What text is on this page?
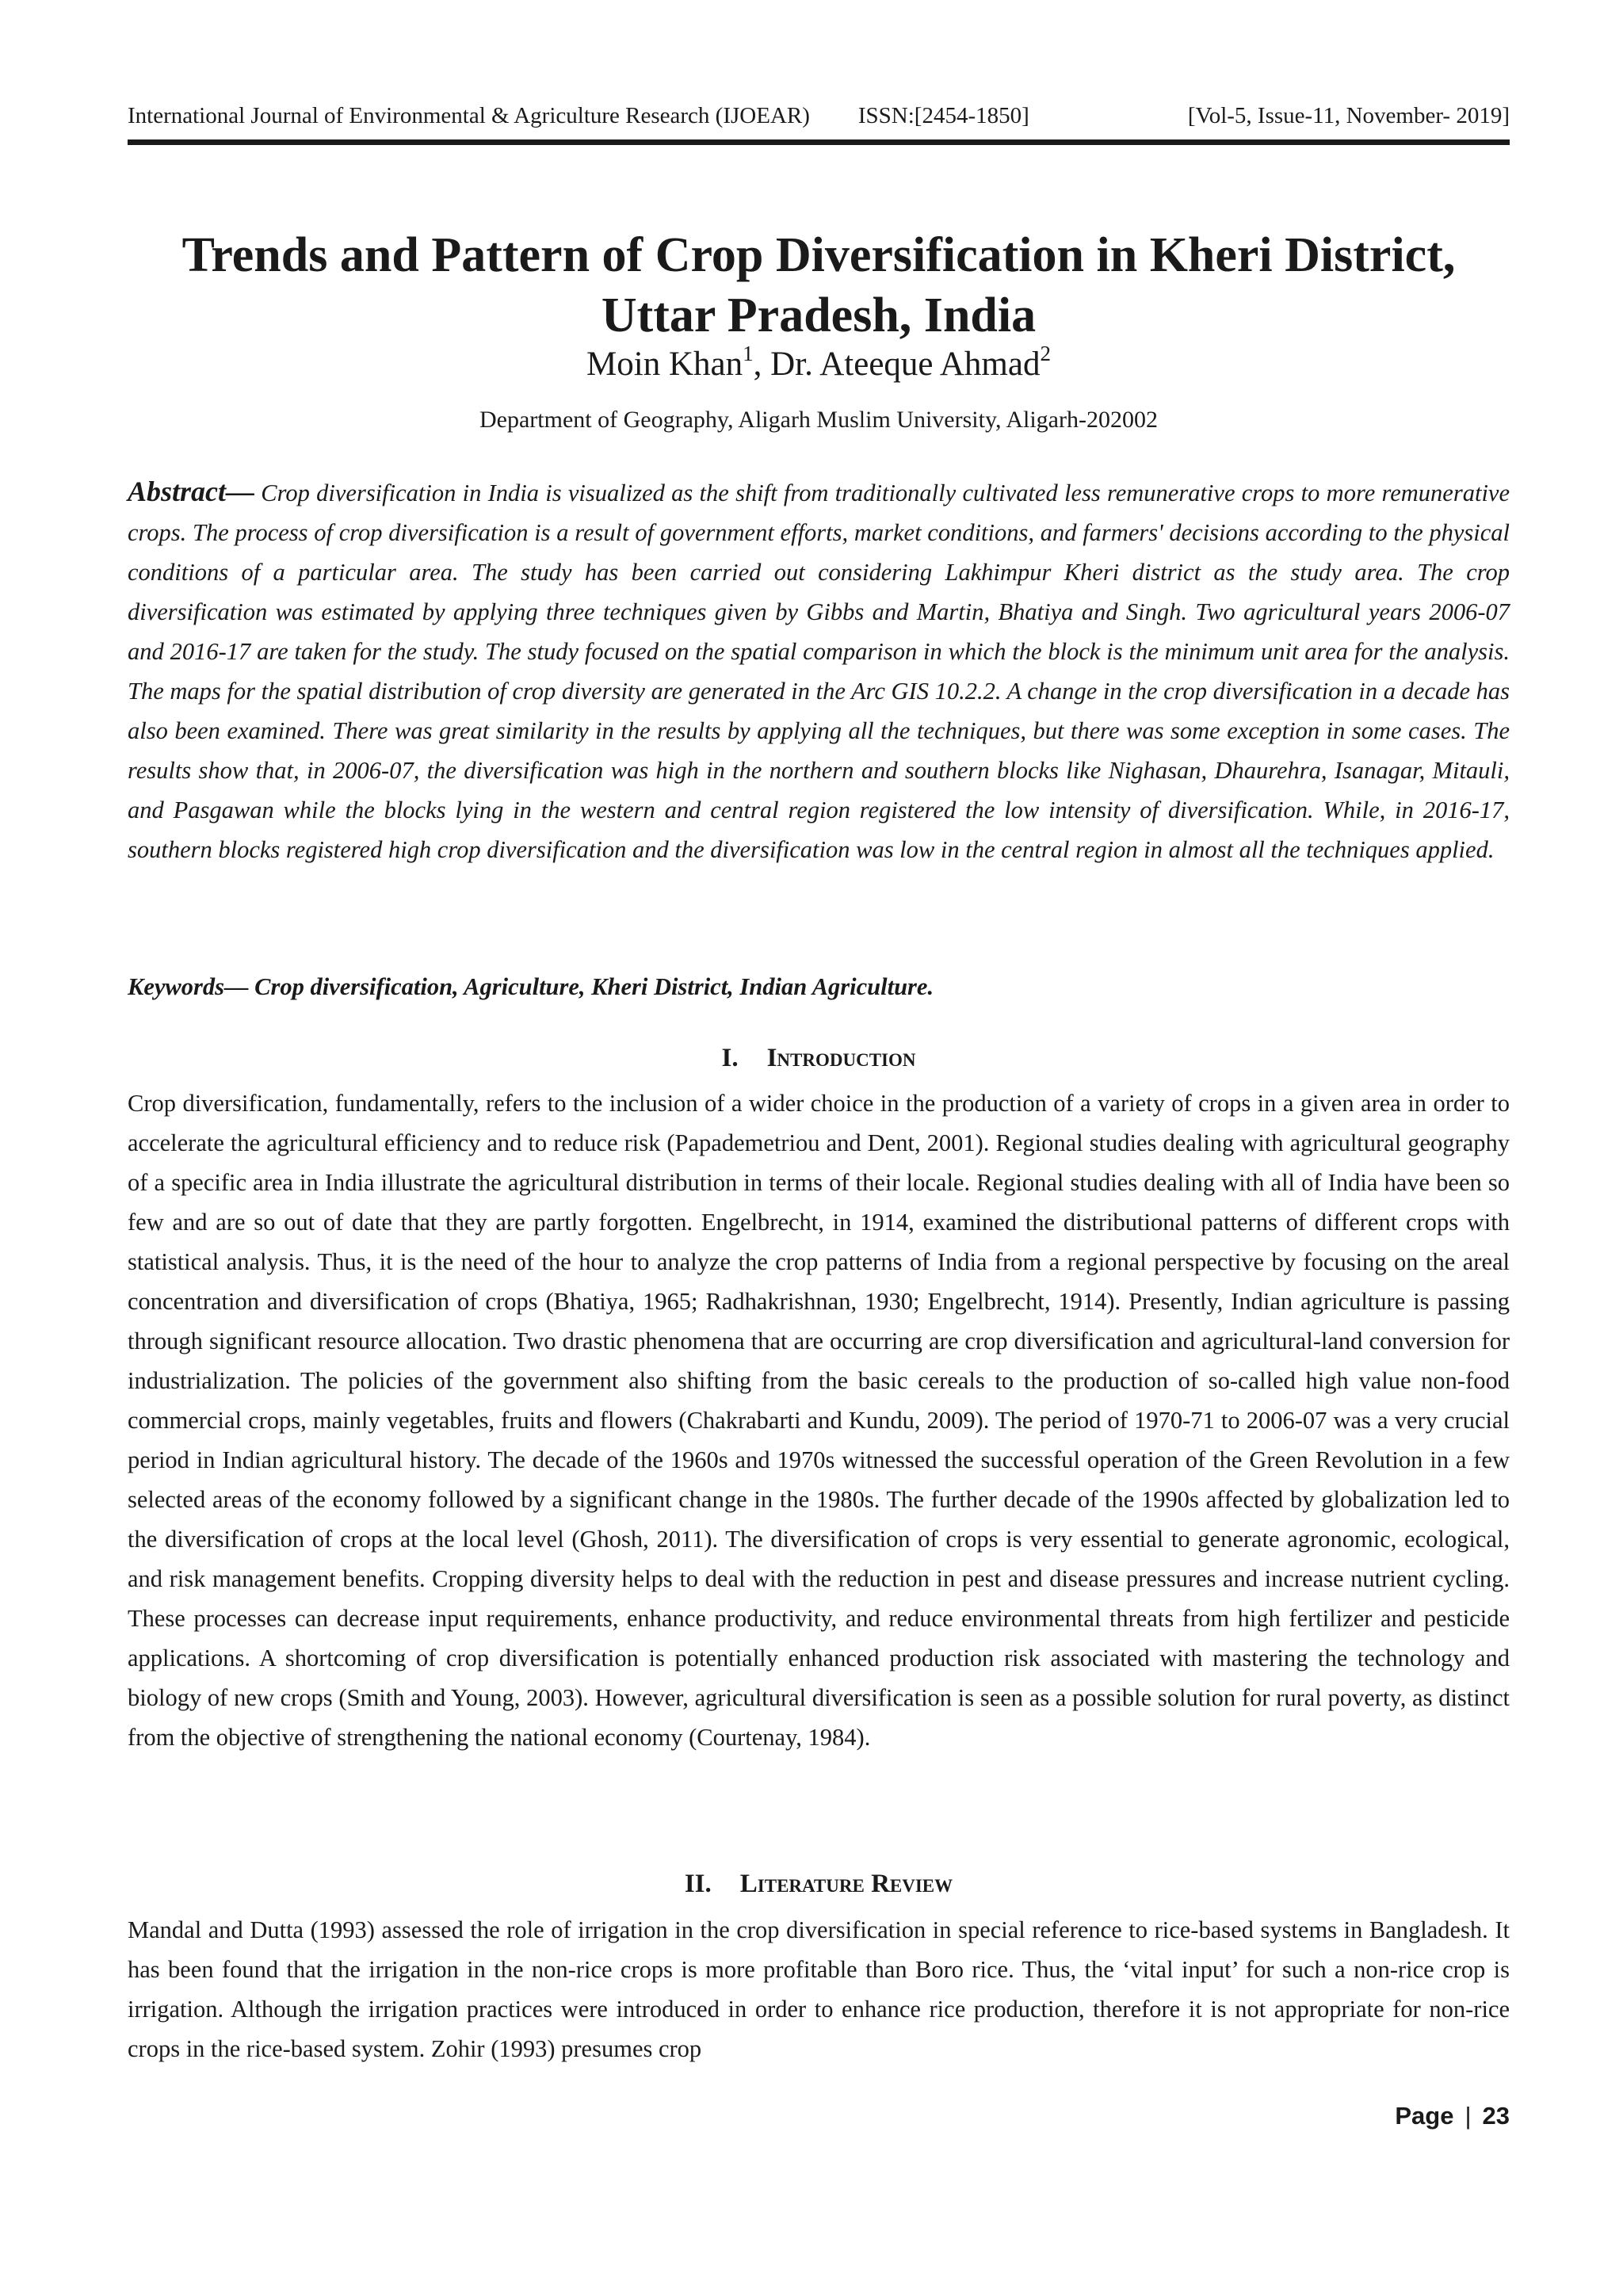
International Journal of Environmental & Agriculture Research (IJOEAR) ISSN:[2454-1850]	[Vol-5, Issue-11, November- 2019]
Trends and Pattern of Crop Diversification in Kheri District, Uttar Pradesh, India
Moin Khan$^1$, Dr. Ateeque Ahmad$^2$
Department of Geography, Aligarh Muslim University, Aligarh-202002

Abstract— Crop diversification in India is visualized as the shift from traditionally cultivated less remunerative crops to more remunerative crops. The process of crop diversification is a result of government efforts, market conditions, and farmers' decisions according to the physical conditions of a particular area. The study has been carried out considering Lakhimpur Kheri district as the study area. The crop diversification was estimated by applying three techniques given by Gibbs and Martin, Bhatiya and Singh. Two agricultural years 2006-07 and 2016-17 are taken for the study. The study focused on the spatial comparison in which the block is the minimum unit area for the analysis. The maps for the spatial distribution of crop diversity are generated in the Arc GIS 10.2.2. A change in the crop diversification in a decade has also been examined. There was great similarity in the results by applying all the techniques, but there was some exception in some cases. The results show that, in 2006-07, the diversification was high in the northern and southern blocks like Nighasan, Dhaurehra, Isanagar, Mitauli, and Pasgawan while the blocks lying in the western and central region registered the low intensity of diversification. While, in 2016-17, southern blocks registered high crop diversification and the diversification was low in the central region in almost all the techniques applied.

Keywords— Crop diversification, Agriculture, Kheri District, Indian Agriculture.

I. Introduction

Crop diversification, fundamentally, refers to the inclusion of a wider choice in the production of a variety of crops in a given area in order to accelerate the agricultural efficiency and to reduce risk (Papademetriou and Dent, 2001). Regional studies dealing with agricultural geography of a specific area in India illustrate the agricultural distribution in terms of their locale. Regional studies dealing with all of India have been so few and are so out of date that they are partly forgotten. Engelbrecht, in 1914, examined the distributional patterns of different crops with statistical analysis. Thus, it is the need of the hour to analyze the crop patterns of India from a regional perspective by focusing on the areal concentration and diversification of crops (Bhatiya, 1965; Radhakrishnan, 1930; Engelbrecht, 1914). Presently, Indian agriculture is passing through significant resource allocation. Two drastic phenomena that are occurring are crop diversification and agricultural-land conversion for industrialization. The policies of the government also shifting from the basic cereals to the production of so-called high value non-food commercial crops, mainly vegetables, fruits and flowers (Chakrabarti and Kundu, 2009). The period of 1970-71 to 2006-07 was a very crucial period in Indian agricultural history. The decade of the 1960s and 1970s witnessed the successful operation of the Green Revolution in a few selected areas of the economy followed by a significant change in the 1980s. The further decade of the 1990s affected by globalization led to the diversification of crops at the local level (Ghosh, 2011). The diversification of crops is very essential to generate agronomic, ecological, and risk management benefits. Cropping diversity helps to deal with the reduction in pest and disease pressures and increase nutrient cycling. These processes can decrease input requirements, enhance productivity, and reduce environmental threats from high fertilizer and pesticide applications. A shortcoming of crop diversification is potentially enhanced production risk associated with mastering the technology and biology of new crops (Smith and Young, 2003). However, agricultural diversification is seen as a possible solution for rural poverty, as distinct from the objective of strengthening the national economy (Courtenay, 1984).

II. Literature Review

Mandal and Dutta (1993) assessed the role of irrigation in the crop diversification in special reference to rice-based systems in Bangladesh. It has been found that the irrigation in the non-rice crops is more profitable than Boro rice. Thus, the ‘vital input’ for such a non-rice crop is irrigation. Although the irrigation practices were introduced in order to enhance rice production, therefore it is not appropriate for non-rice crops in the rice-based system. Zohir (1993) presumes crop

Page | 23
